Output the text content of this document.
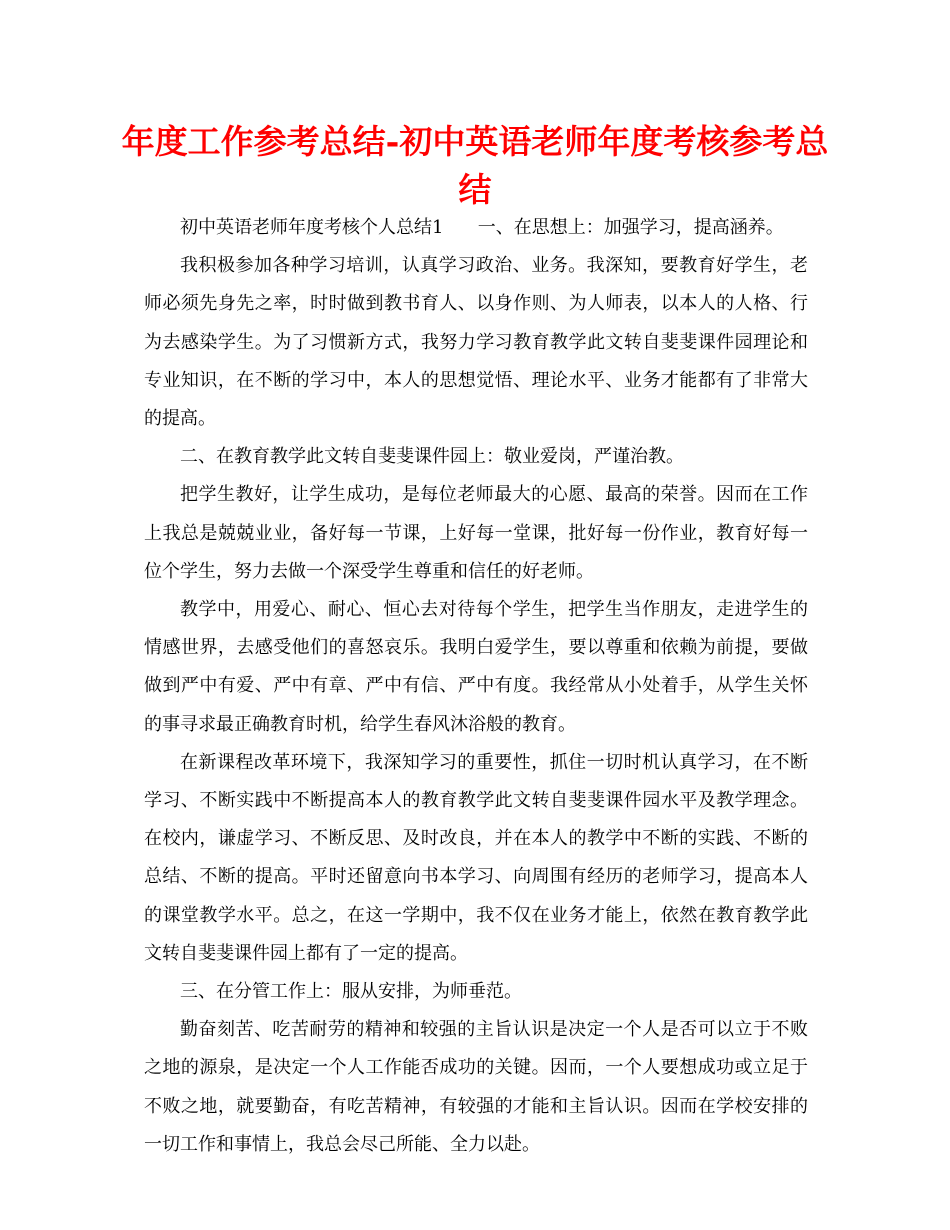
年度工作参考总结-初中英语老师年度考核参考总结

初中英语老师年度考核个人总结1      一、在思想上：加强学习，提高涵养。

我积极参加各种学习培训，认真学习政治、业务。我深知，要教育好学生，老师必须先身先之率，时时做到教书育人、以身作则、为人师表，以本人的人格、行为去感染学生。为了习惯新方式，我努力学习教育教学此文转自斐斐课件园理论和专业知识，在不断的学习中，本人的思想觉悟、理论水平、业务才能都有了非常大的提高。

二、在教育教学此文转自斐斐课件园上：敬业爱岗，严谨治教。

把学生教好，让学生成功，是每位老师最大的心愿、最高的荣誉。因而在工作上我总是兢兢业业，备好每一节课，上好每一堂课，批好每一份作业，教育好每一位个学生，努力去做一个深受学生尊重和信任的好老师。

教学中，用爱心、耐心、恒心去对待每个学生，把学生当作朋友，走进学生的情感世界，去感受他们的喜怒哀乐。我明白爱学生，要以尊重和依赖为前提，要做做到严中有爱、严中有章、严中有信、严中有度。我经常从小处着手，从学生关怀的事寻求最正确教育时机，给学生春风沐浴般的教育。

在新课程改革环境下，我深知学习的重要性，抓住一切时机认真学习，在不断学习、不断实践中不断提高本人的教育教学此文转自斐斐课件园水平及教学理念。在校内，谦虚学习、不断反思、及时改良，并在本人的教学中不断的实践、不断的总结、不断的提高。平时还留意向书本学习、向周围有经历的老师学习，提高本人的课堂教学水平。总之，在这一学期中，我不仅在业务才能上，依然在教育教学此文转自斐斐课件园上都有了一定的提高。

三、在分管工作上：服从安排，为师垂范。

勤奋刻苦、吃苦耐劳的精神和较强的主旨认识是决定一个人是否可以立于不败之地的源泉，是决定一个人工作能否成功的关键。因而，一个人要想成功或立足于不败之地，就要勤奋，有吃苦精神，有较强的才能和主旨认识。因而在学校安排的一切工作和事情上，我总会尽己所能、全力以赴。
